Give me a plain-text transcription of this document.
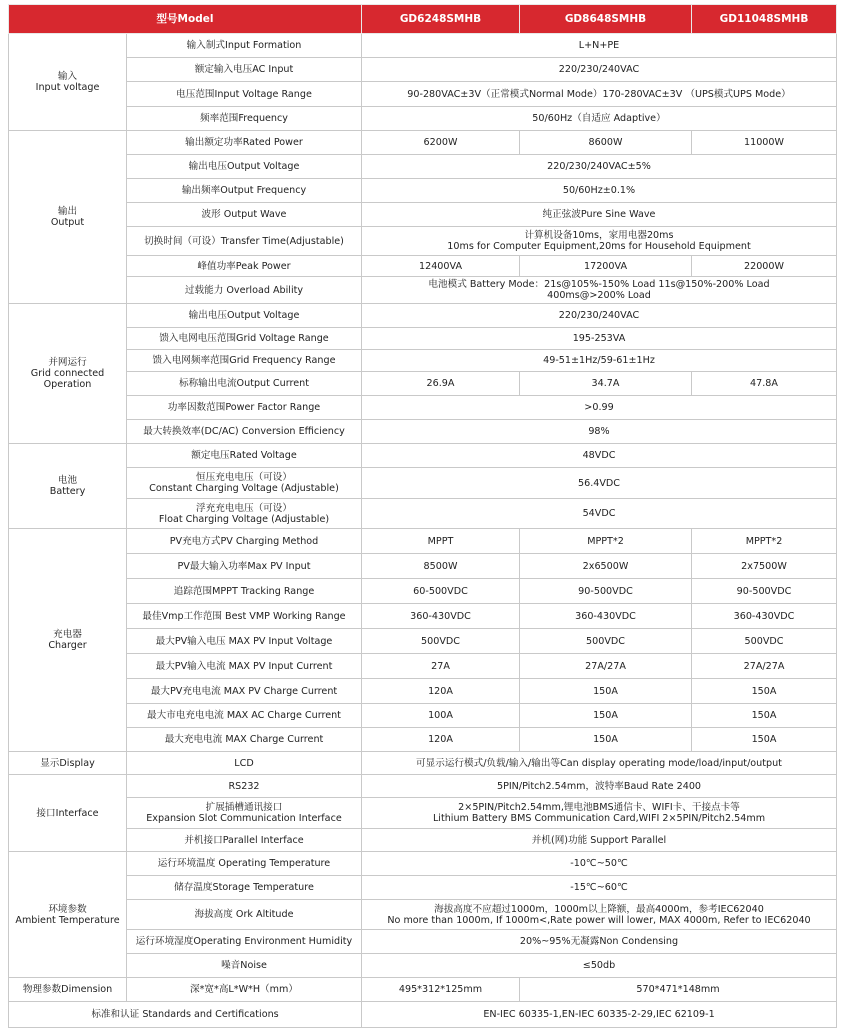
型号Model		GD6248SMHB	GD8648SMHB	GD11048SMHB

输入
Input voltage	输入制式Input Formation	L+N+PE		

	额定输入电压AC Input	220/230/240VAC		

	电压范围Input Voltage Range	90-280VAC±3V（正常模式Normal Mode）170-280VAC±3V （UPS模式UPS Mode）		

	频率范围Frequency	50/60Hz（自适应 Adaptive）		

输出
Output	输出额定功率Rated Power	6200W	8600W	11000W

	输出电压Output Voltage	220/230/240VAC±5%		

	输出频率Output Frequency	50/60Hz±0.1%		

	波形 Output Wave	纯正弦波Pure Sine Wave		

	切换时间（可设）Transfer Time(Adjustable)	计算机设备10ms，家用电器20ms
10ms for Computer Equipment,20ms for Household Equipment		

	峰值功率Peak Power	12400VA	17200VA	22000W

	过载能力 Overload Ability	电池模式 Battery Mode：21s@105%-150% Load 11s@150%-200% Load
400ms@>200% Load		

并网运行
Grid connected
Operation	输出电压Output Voltage	220/230/240VAC		

	馈入电网电压范围Grid Voltage Range	195-253VA		

	馈入电网频率范围Grid Frequency Range	49-51±1Hz/59-61±1Hz		

	标称输出电流Output Current	26.9A	34.7A	47.8A

	功率因数范围Power Factor Range	>0.99		

	最大转换效率(DC/AC) Conversion Efficiency	98%		

电池
Battery	额定电压Rated Voltage	48VDC		

	恒压充电电压（可设）
Constant Charging Voltage (Adjustable)	56.4VDC		

	浮充充电电压（可设）
Float Charging Voltage (Adjustable)	54VDC		

充电器
Charger	PV充电方式PV Charging Method	MPPT	MPPT*2	MPPT*2

	PV最大输入功率Max PV Input	8500W	2x6500W	2x7500W

	追踪范围MPPT Tracking Range	60-500VDC	90-500VDC	90-500VDC

	最佳Vmp工作范围 Best VMP Working Range	360-430VDC	360-430VDC	360-430VDC

	最大PV输入电压 MAX PV Input Voltage	500VDC	500VDC	500VDC

	最大PV输入电流 MAX PV Input Current	27A	27A/27A	27A/27A

	最大PV充电电流 MAX PV Charge Current	120A	150A	150A

	最大市电充电电流 MAX AC Charge Current	100A	150A	150A

	最大充电电流 MAX Charge Current	120A	150A	150A

显示Display	LCD	可显示运行模式/负载/输入/输出等Can display operating mode/load/input/output		

接口Interface	RS232	5PIN/Pitch2.54mm，波特率Baud Rate 2400		

	扩展插槽通讯接口
Expansion Slot Communication Interface	2×5PIN/Pitch2.54mm,锂电池BMS通信卡、WIFI卡、干接点卡等
Lithium Battery BMS Communication Card,WIFI 2×5PIN/Pitch2.54mm		

	并机接口Parallel Interface	并机(网)功能 Support Parallel		

环境参数
Ambient Temperature	运行环境温度 Operating Temperature	-10℃~50℃		

	储存温度Storage Temperature	-15℃~60℃		

	海拔高度 Ork Altitude	海拔高度不应超过1000m，1000m以上降额，最高4000m，参考IEC62040
No more than 1000m, If 1000m<,Rate power will lower, MAX 4000m, Refer to IEC62040		

	运行环境湿度Operating Environment Humidity	20%~95%无凝露Non Condensing		

	噪音Noise	≤50db		

物理参数Dimension	深*宽*高L*W*H（mm）	495*312*125mm	570*471*148mm	

标准和认证 Standards and Certifications		EN-IEC 60335-1,EN-IEC 60335-2-29,IEC 62109-1		
